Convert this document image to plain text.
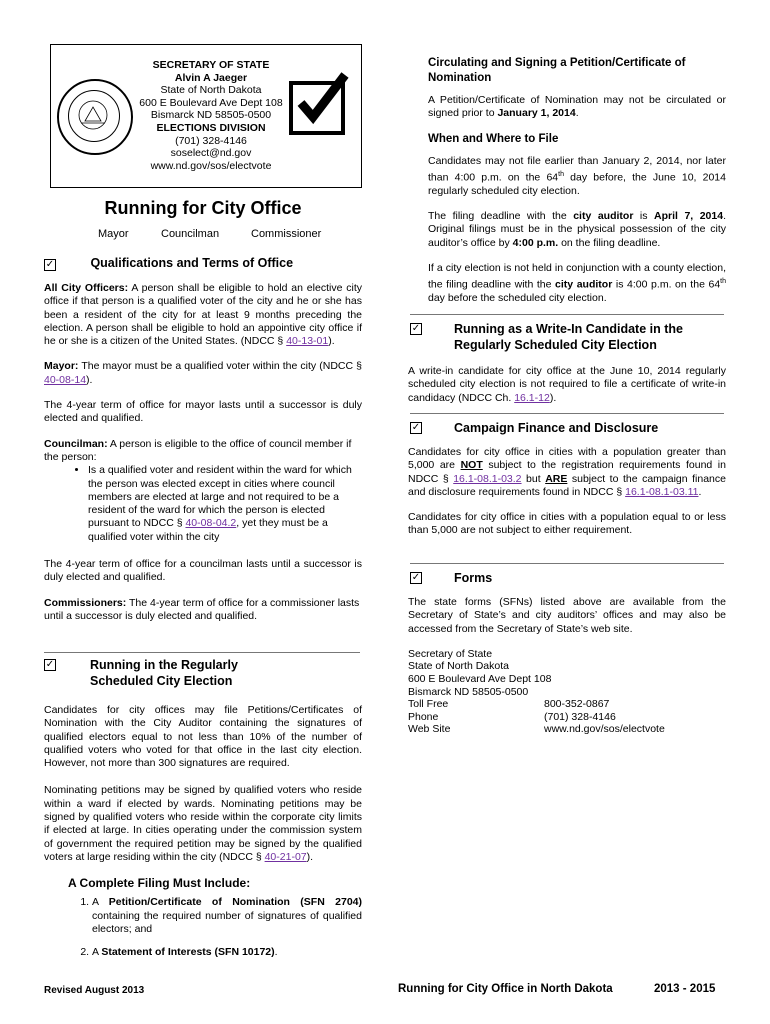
SECRETARY OF STATE
Alvin A Jaeger
State of North Dakota
600 E Boulevard Ave Dept 108
Bismarck ND 58505-0500
ELECTIONS DIVISION
(701) 328-4146
soselect@nd.gov
www.nd.gov/sos/electvote
Running for City Office
Mayor	Councilman	Commissioner
✓	Qualifications and Terms of Office

All City Officers: A person shall be eligible to hold an elective city office if that person is a qualified voter of the city and he or she has been a resident of the city for at least 9 months preceding the election. A person shall be eligible to hold an appointive city office if he or she is a citizen of the United States. (NDCC § 40-13-01).

Mayor: The mayor must be a qualified voter within the city (NDCC § 40-08-14).

The 4-year term of office for mayor lasts until a successor is duly elected and qualified.

Councilman: A person is eligible to the office of council member if the person:

• Is a qualified voter and resident within the ward for which the person was elected except in cities where council members are elected at large and not required to be a resident of the ward for which the person is elected pursuant to NDCC § 40-08-04.2, yet they must be a qualified voter within the city

The 4-year term of office for a councilman lasts until a successor is duly elected and qualified.

Commissioners: The 4-year term of office for a commissioner lasts until a successor is duly elected and qualified.

✓	Running in the Regularly
Scheduled City Election

Candidates for city offices may file Petitions/Certificates of Nomination with the City Auditor containing the signatures of qualified electors equal to not less than 10% of the number of qualified voters who voted for that office in the last city election. However, not more than 300 signatures are required.

Nominating petitions may be signed by qualified voters who reside within a ward if elected by wards. Nominating petitions may be signed by qualified voters who reside within the corporate city limits if elected at large. In cities operating under the commission system of government the required petition may be signed by the qualified voters at large residing within the city (NDCC § 40-21-07).

A Complete Filing Must Include:
1. A Petition/Certificate of Nomination (SFN 2704) containing the required number of signatures of qualified electors; and
2. A Statement of Interests (SFN 10172).
Circulating and Signing a Petition/Certificate of Nomination

A Petition/Certificate of Nomination may not be circulated or signed prior to January 1, 2014.

When and Where to File

Candidates may not file earlier than January 2, 2014, nor later than 4:00 p.m. on the 64th day before, the June 10, 2014 regularly scheduled city election.

The filing deadline with the city auditor is April 7, 2014. Original filings must be in the physical possession of the city auditor’s office by 4:00 p.m. on the filing deadline.

If a city election is not held in conjunction with a county election, the filing deadline with the city auditor is 4:00 p.m. on the 64th day before the scheduled city election.

✓	Running as a Write-In Candidate in the
Regularly Scheduled City Election

A write-in candidate for city office at the June 10, 2014 regularly scheduled city election is not required to file a certificate of write-in candidacy (NDCC Ch. 16.1-12).

✓	Campaign Finance and Disclosure

Candidates for city office in cities with a population greater than 5,000 are NOT subject to the registration requirements found in NDCC § 16.1-08.1-03.2 but ARE subject to the campaign finance and disclosure requirements found in NDCC § 16.1-08.1-03.11.

Candidates for city office in cities with a population equal to or less than 5,000 are not subject to either requirement.

✓	Forms

The state forms (SFNs) listed above are available from the Secretary of State’s and city auditors’ offices and may also be accessed from the Secretary of State’s web site.

Secretary of State
State of North Dakota
600 E Boulevard Ave Dept 108
Bismarck ND 58505-0500
Toll Free	800-352-0867
Phone	(701) 328-4146
Web Site	www.nd.gov/sos/electvote
Revised August 2013	Running for City Office in North Dakota	2013 - 2015
